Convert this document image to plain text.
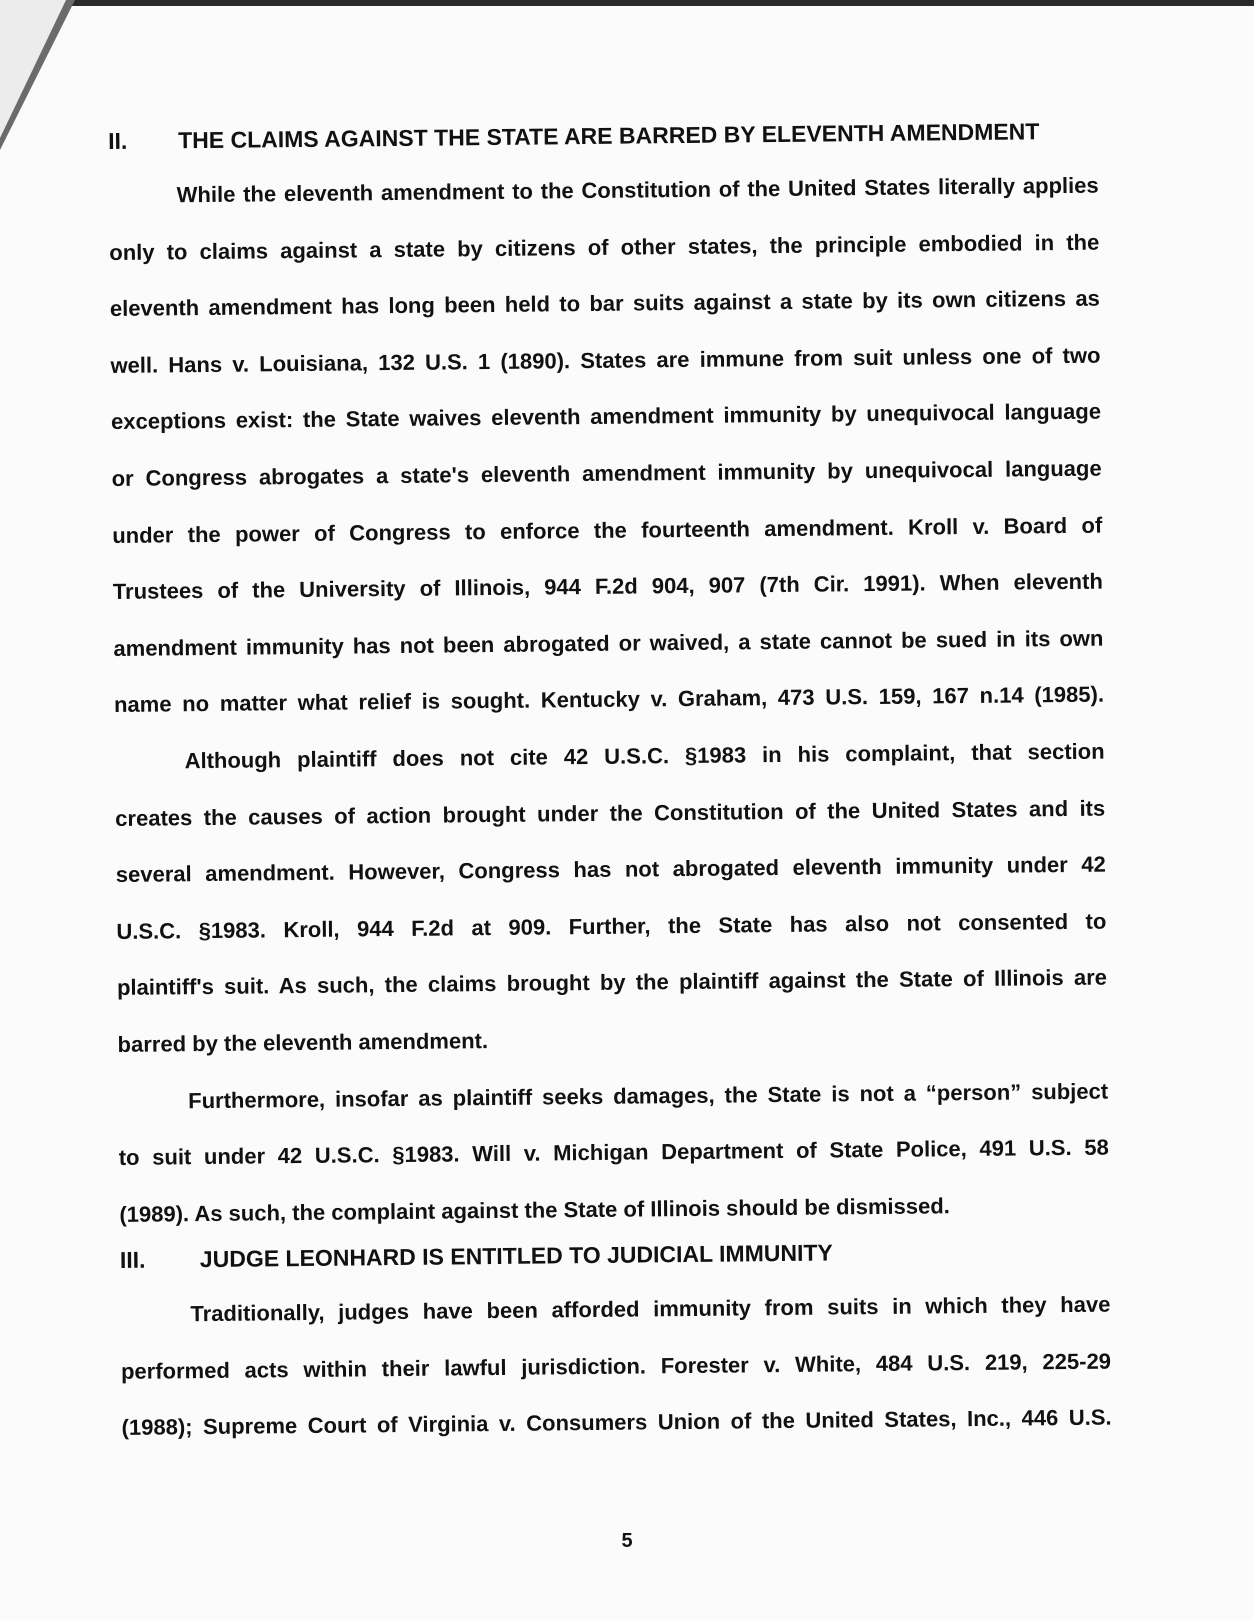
II.	THE CLAIMS AGAINST THE STATE ARE BARRED BY ELEVENTH AMENDMENT
While the eleventh amendment to the Constitution of the United States literally applies
only to claims against a state by citizens of other states, the principle embodied in the
eleventh amendment has long been held to bar suits against a state by its own citizens as
well. Hans v. Louisiana, 132 U.S. 1 (1890). States are immune from suit unless one of two
exceptions exist: the State waives eleventh amendment immunity by unequivocal language
or Congress abrogates a state's eleventh amendment immunity by unequivocal language
under the power of Congress to enforce the fourteenth amendment. Kroll v. Board of
Trustees of the University of Illinois, 944 F.2d 904, 907 (7th Cir. 1991). When eleventh
amendment immunity has not been abrogated or waived, a state cannot be sued in its own
name no matter what relief is sought. Kentucky v. Graham, 473 U.S. 159, 167 n.14 (1985).
Although plaintiff does not cite 42 U.S.C. §1983 in his complaint, that section
creates the causes of action brought under the Constitution of the United States and its
several amendment. However, Congress has not abrogated eleventh immunity under 42
U.S.C. §1983. Kroll, 944 F.2d at 909. Further, the State has also not consented to
plaintiff's suit. As such, the claims brought by the plaintiff against the State of Illinois are
barred by the eleventh amendment.
Furthermore, insofar as plaintiff seeks damages, the State is not a “person” subject
to suit under 42 U.S.C. §1983. Will v. Michigan Department of State Police, 491 U.S. 58
(1989). As such, the complaint against the State of Illinois should be dismissed.
III.	JUDGE LEONHARD IS ENTITLED TO JUDICIAL IMMUNITY
Traditionally, judges have been afforded immunity from suits in which they have
performed acts within their lawful jurisdiction. Forester v. White, 484 U.S. 219, 225-29
(1988); Supreme Court of Virginia v. Consumers Union of the United States, Inc., 446 U.S.
5
